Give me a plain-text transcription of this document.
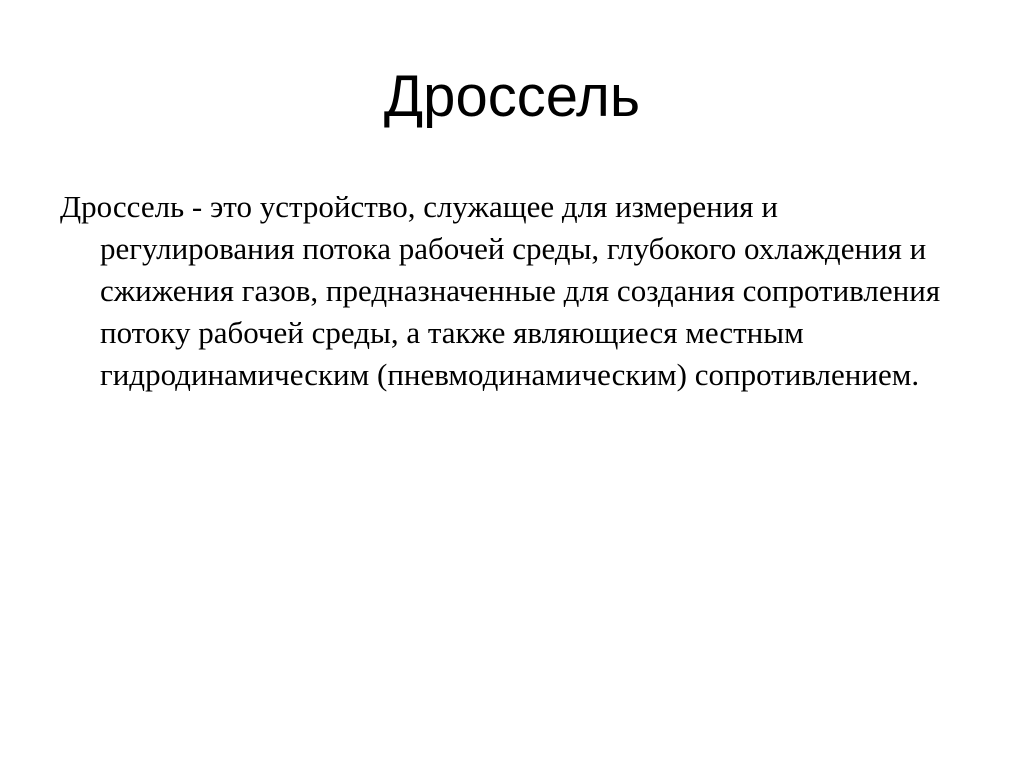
Дроссель

Дроссель - это устройство, служащее для измерения и регулирования потока рабочей среды, глубокого охлаждения и сжижения газов, предназначенные для создания сопротивления потоку рабочей среды, а также являющиеся местным гидродинамическим (пневмодинамическим) сопротивлением.
